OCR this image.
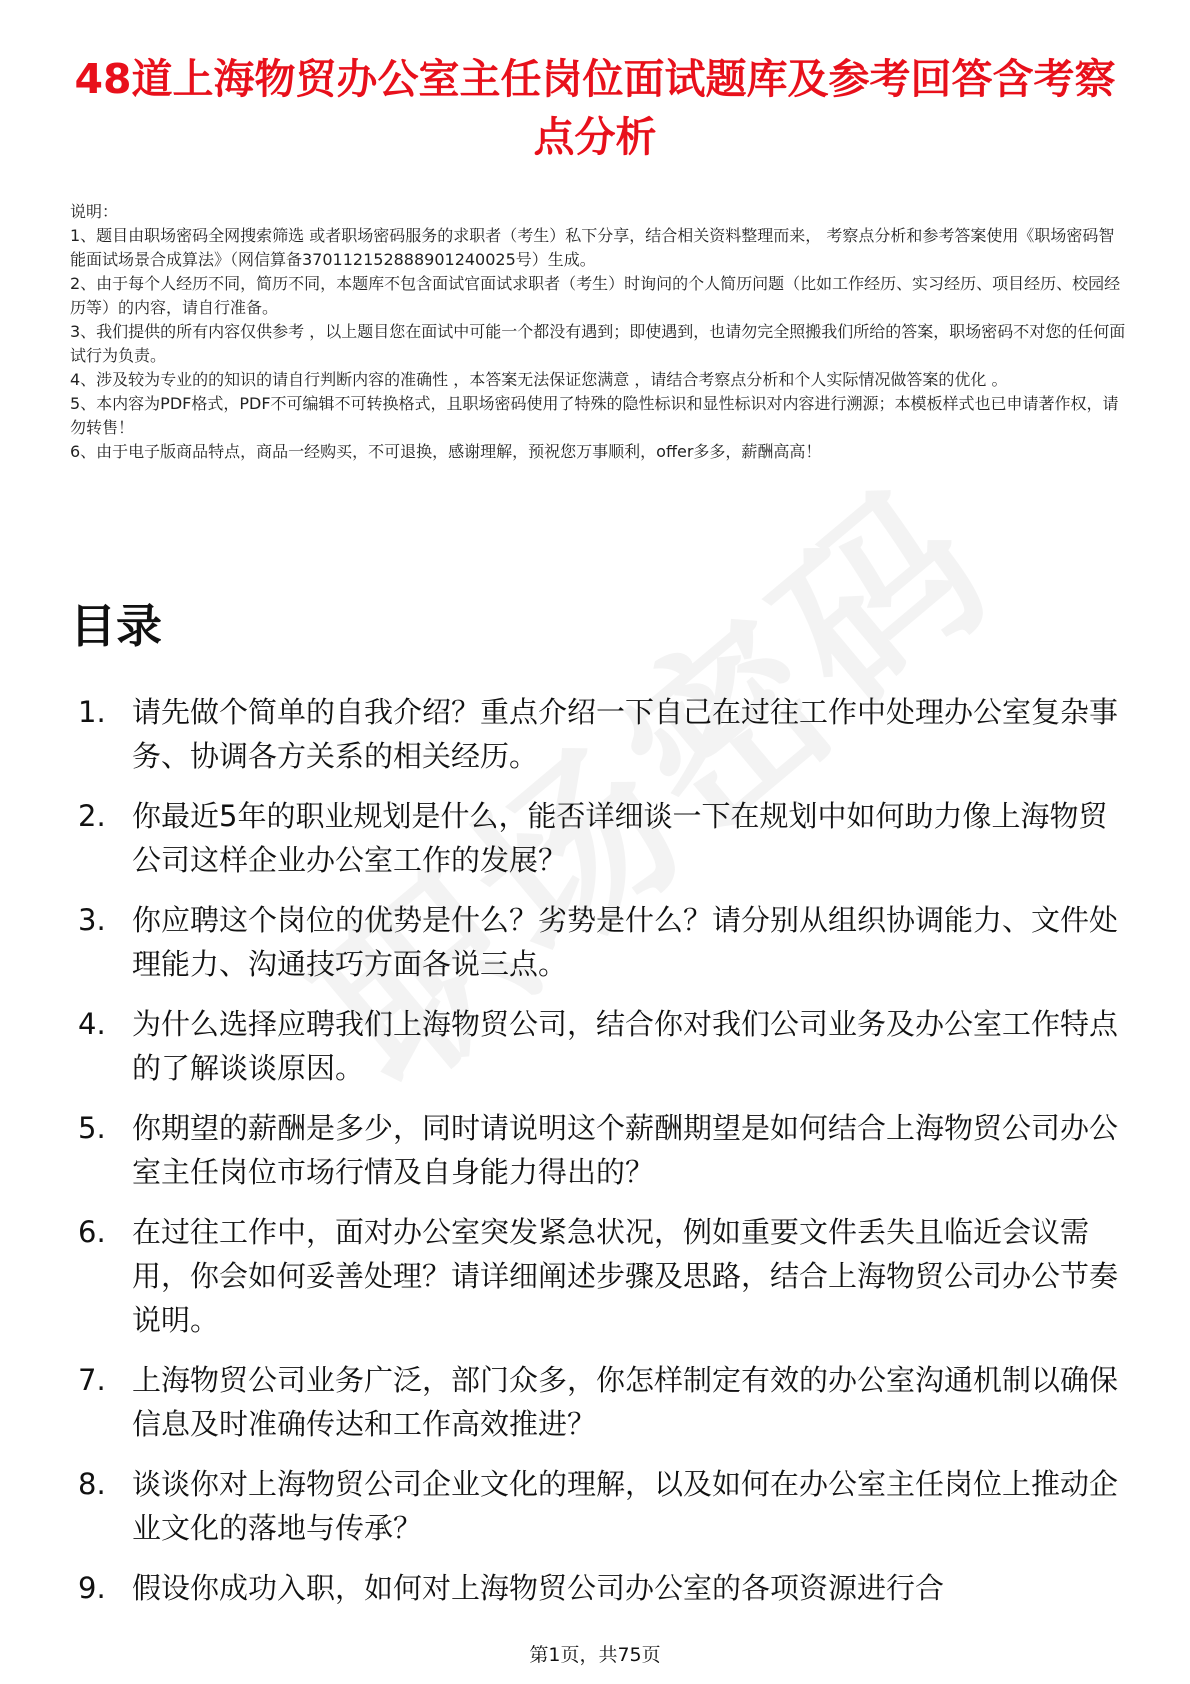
48道上海物贸办公室主任岗位面试题库及参考回答含考察点分析

说明：

1、题目由职场密码全网搜索筛选 或者职场密码服务的求职者（考生）私下分享，结合相关资料整理而来， 考察点分析和参考答案使用《职场密码智能面试场景合成算法》（网信算备370112152888901240025号）生成。

2、由于每个人经历不同，简历不同，本题库不包含面试官面试求职者（考生）时询问的个人简历问题（比如工作经历、实习经历、项目经历、校园经历等）的内容，请自行准备。

3、我们提供的所有内容仅供参考 ，以上题目您在面试中可能一个都没有遇到；即使遇到，也请勿完全照搬我们所给的答案，职场密码不对您的任何面试行为负责。

4、涉及较为专业的的知识的请自行判断内容的准确性 ，本答案无法保证您满意 ，请结合考察点分析和个人实际情况做答案的优化 。

5、本内容为PDF格式，PDF不可编辑不可转换格式，且职场密码使用了特殊的隐性标识和显性标识对内容进行溯源；本模板样式也已申请著作权，请勿转售！

6、由于电子版商品特点，商品一经购买，不可退换，感谢理解，预祝您万事顺利，offer多多，薪酬高高！

目录
1. 请先做个简单的自我介绍？重点介绍一下自己在过往工作中处理办公室复杂事务、协调各方关系的相关经历。
2. 你最近5年的职业规划是什么，能否详细谈一下在规划中如何助力像上海物贸公司这样企业办公室工作的发展？
3. 你应聘这个岗位的优势是什么？劣势是什么？请分别从组织协调能力、文件处理能力、沟通技巧方面各说三点。
4. 为什么选择应聘我们上海物贸公司，结合你对我们公司业务及办公室工作特点的了解谈谈原因。
5. 你期望的薪酬是多少，同时请说明这个薪酬期望是如何结合上海物贸公司办公室主任岗位市场行情及自身能力得出的？
6. 在过往工作中，面对办公室突发紧急状况，例如重要文件丢失且临近会议需用，你会如何妥善处理？请详细阐述步骤及思路，结合上海物贸公司办公节奏说明。
7. 上海物贸公司业务广泛，部门众多，你怎样制定有效的办公室沟通机制以确保信息及时准确传达和工作高效推进？
8. 谈谈你对上海物贸公司企业文化的理解，以及如何在办公室主任岗位上推动企业文化的落地与传承？
9. 假设你成功入职，如何对上海物贸公司办公室的各项资源进行合
第1页，共75页
